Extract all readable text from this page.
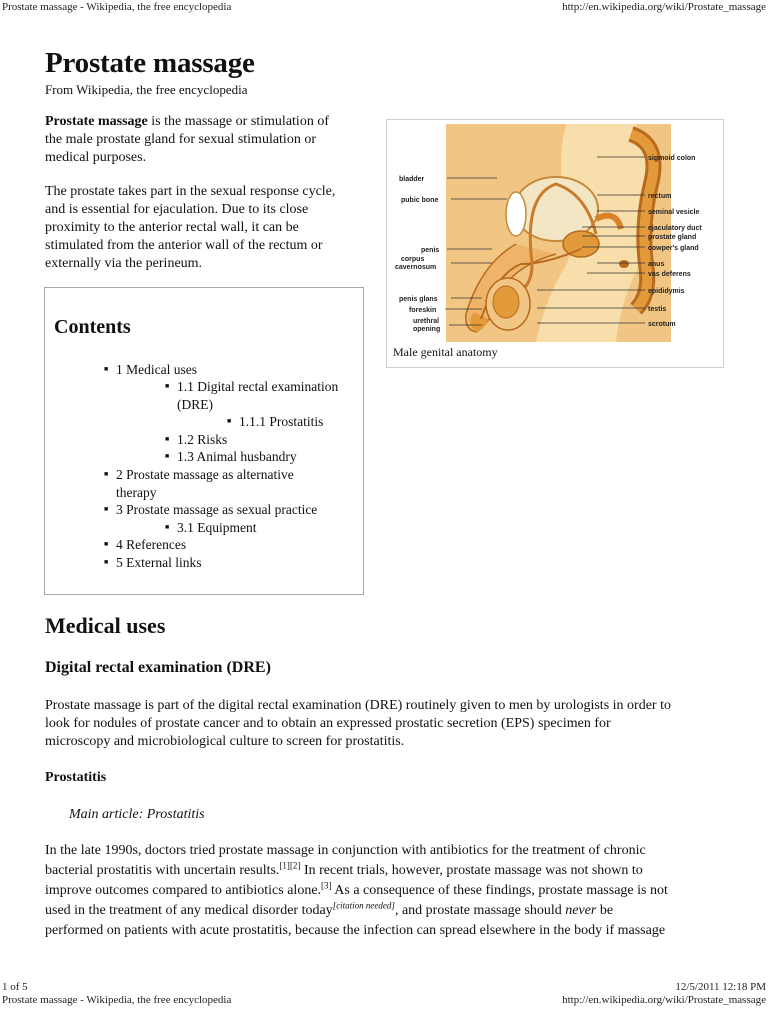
Prostate massage - Wikipedia, the free encyclopedia	http://en.wikipedia.org/wiki/Prostate_massage
1 of 5	12/5/2011 12:18 PM
Prostate massage - Wikipedia, the free encyclopedia	http://en.wikipedia.org/wiki/Prostate_massage
Prostate massage
From Wikipedia, the free encyclopedia
Prostate massage is the massage or stimulation of
the male prostate gland for sexual stimulation or
medical purposes.
The prostate takes part in the sexual response cycle,
and is essential for ejaculation. Due to its close
proximity to the anterior rectal wall, it can be
stimulated from the anterior wall of the rectum or
externally via the perineum.
bladder
pubic bone
penis
corpus
cavernosum
penis glans
foreskin
urethral
opening
sigmoid colon
rectum
seminal vesicle
ejaculatory duct
prostate gland
cowper's gland
anus
vas deferens
epididymis
testis
scrotum
Male genital anatomy
Contents
■ 1 Medical uses
■ 1.1 Digital rectal examination
(DRE)
■ 1.1.1 Prostatitis
■ 1.2 Risks
■ 1.3 Animal husbandry
■ 2 Prostate massage as alternative
therapy
■ 3 Prostate massage as sexual practice
■ 3.1 Equipment
■ 4 References
■ 5 External links
Medical uses
Digital rectal examination (DRE)
Prostate massage is part of the digital rectal examination (DRE) routinely given to men by urologists in order to
look for nodules of prostate cancer and to obtain an expressed prostatic secretion (EPS) specimen for
microscopy and microbiological culture to screen for prostatitis.
Prostatitis
Main article: Prostatitis
In the late 1990s, doctors tried prostate massage in conjunction with antibiotics for the treatment of chronic
bacterial prostatitis with uncertain results.[1][2] In recent trials, however, prostate massage was not shown to
improve outcomes compared to antibiotics alone.[3] As a consequence of these findings, prostate massage is not
used in the treatment of any medical disorder today[citation needed], and prostate massage should never be
performed on patients with acute prostatitis, because the infection can spread elsewhere in the body if massage
